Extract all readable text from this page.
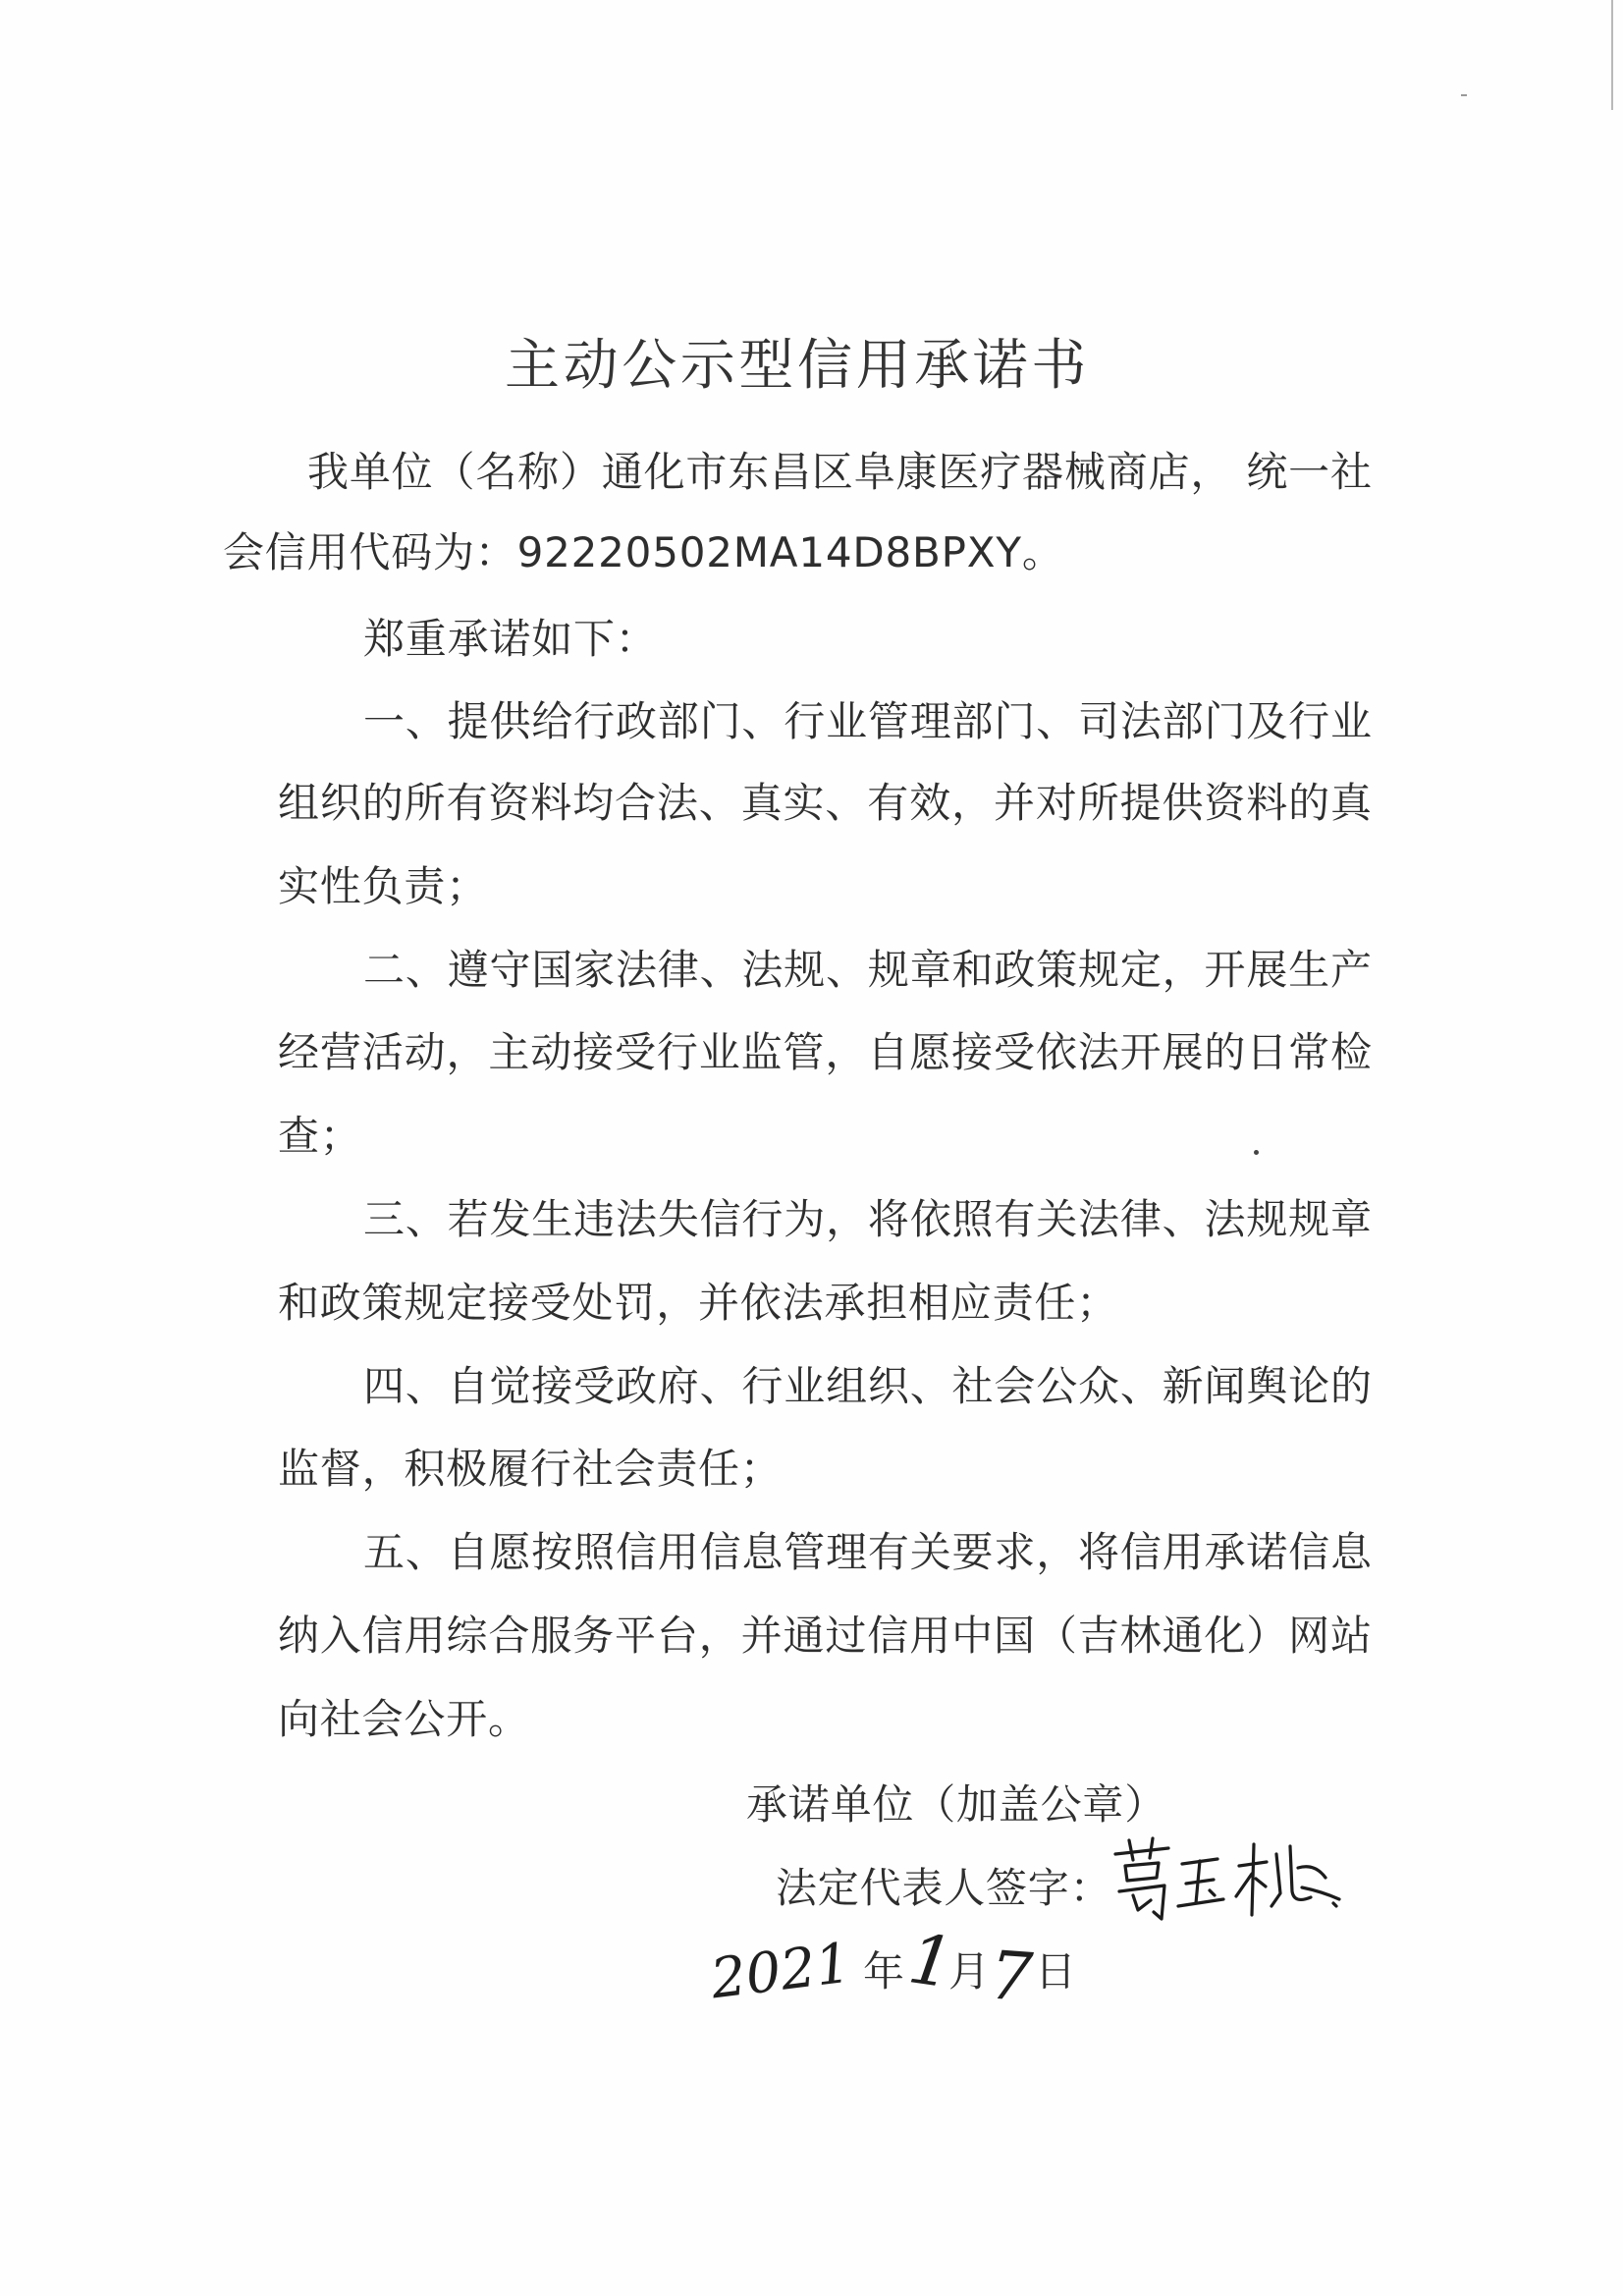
主动公示型信用承诺书
我单位（名称）通化市东昌区阜康医疗器械商店， 统一社
会信用代码为：92220502MA14D8BPXY。
郑重承诺如下：
一、提供给行政部门、行业管理部门、司法部门及行业
组织的所有资料均合法、真实、有效，并对所提供资料的真
实性负责；
二、遵守国家法律、法规、规章和政策规定，开展生产
经营活动，主动接受行业监管，自愿接受依法开展的日常检
查；
三、若发生违法失信行为，将依照有关法律、法规规章
和政策规定接受处罚，并依法承担相应责任；
四、自觉接受政府、行业组织、社会公众、新闻舆论的
监督，积极履行社会责任；
五、自愿按照信用信息管理有关要求，将信用承诺信息
纳入信用综合服务平台，并通过信用中国（吉林通化）网站
向社会公开。
承诺单位（加盖公章）
法定代表人签字：
2021 年 1
月
7 日
